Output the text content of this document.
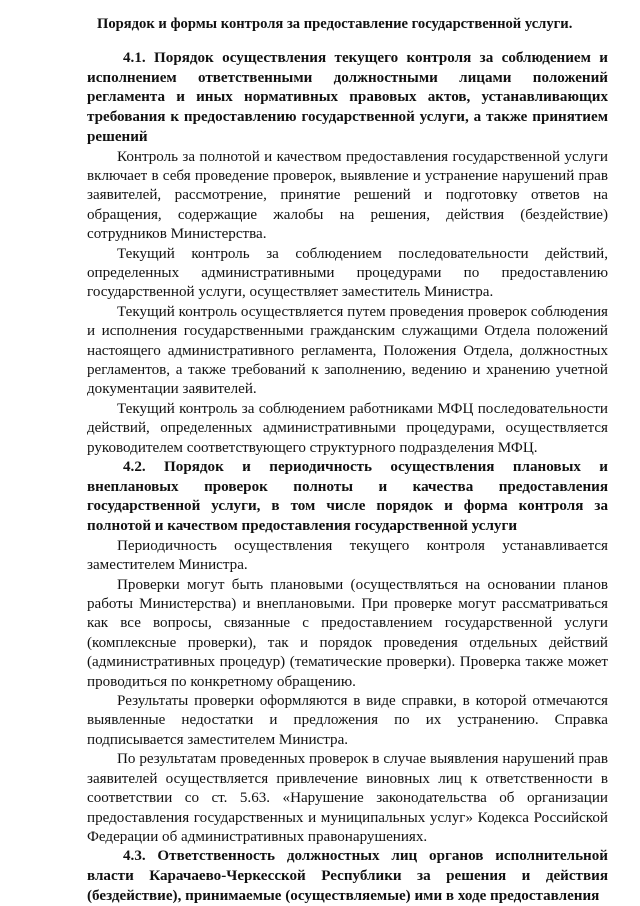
Порядок и формы контроля за предоставление государственной услуги.

4.1. Порядок осуществления текущего контроля за соблюдением и исполнением ответственными должностными лицами положений регламента и иных нормативных правовых актов, устанавливающих требования к предоставлению государственной услуги, а также принятием решений

Контроль за полнотой и качеством предоставления государственной услуги включает в себя проведение проверок, выявление и устранение нарушений прав заявителей, рассмотрение, принятие решений и подготовку ответов на обращения, содержащие жалобы на решения, действия (бездействие) сотрудников Министерства.

Текущий контроль за соблюдением последовательности действий, определенных административными процедурами по предоставлению государственной услуги, осуществляет заместитель Министра.

Текущий контроль осуществляется путем проведения проверок соблюдения и исполнения государственными гражданским служащими Отдела положений настоящего административного регламента, Положения Отдела, должностных регламентов, а также требований к заполнению, ведению и хранению учетной документации заявителей.

Текущий контроль за соблюдением работниками МФЦ последовательности действий, определенных административными процедурами, осуществляется руководителем соответствующего структурного подразделения МФЦ.

4.2. Порядок и периодичность осуществления плановых и внеплановых проверок полноты и качества предоставления государственной услуги, в том числе порядок и форма контроля за полнотой и качеством предоставления государственной услуги

Периодичность осуществления текущего контроля устанавливается заместителем Министра.

Проверки могут быть плановыми (осуществляться на основании планов работы Министерства) и внеплановыми. При проверке могут рассматриваться как все вопросы, связанные с предоставлением государственной услуги (комплексные проверки), так и порядок проведения отдельных действий (административных процедур) (тематические проверки). Проверка также может проводиться по конкретному обращению.

Результаты проверки оформляются в виде справки, в которой отмечаются выявленные недостатки и предложения по их устранению. Справка подписывается заместителем Министра.

По результатам проведенных проверок в случае выявления нарушений прав заявителей осуществляется привлечение виновных лиц к ответственности в соответствии со ст. 5.63. «Нарушение законодательства об организации предоставления государственных и муниципальных услуг» Кодекса Российской Федерации об административных правонарушениях.

4.3. Ответственность должностных лиц органов исполнительной власти Карачаево-Черкесской Республики за решения и действия (бездействие), принимаемые (осуществляемые) ими в ходе предоставления
